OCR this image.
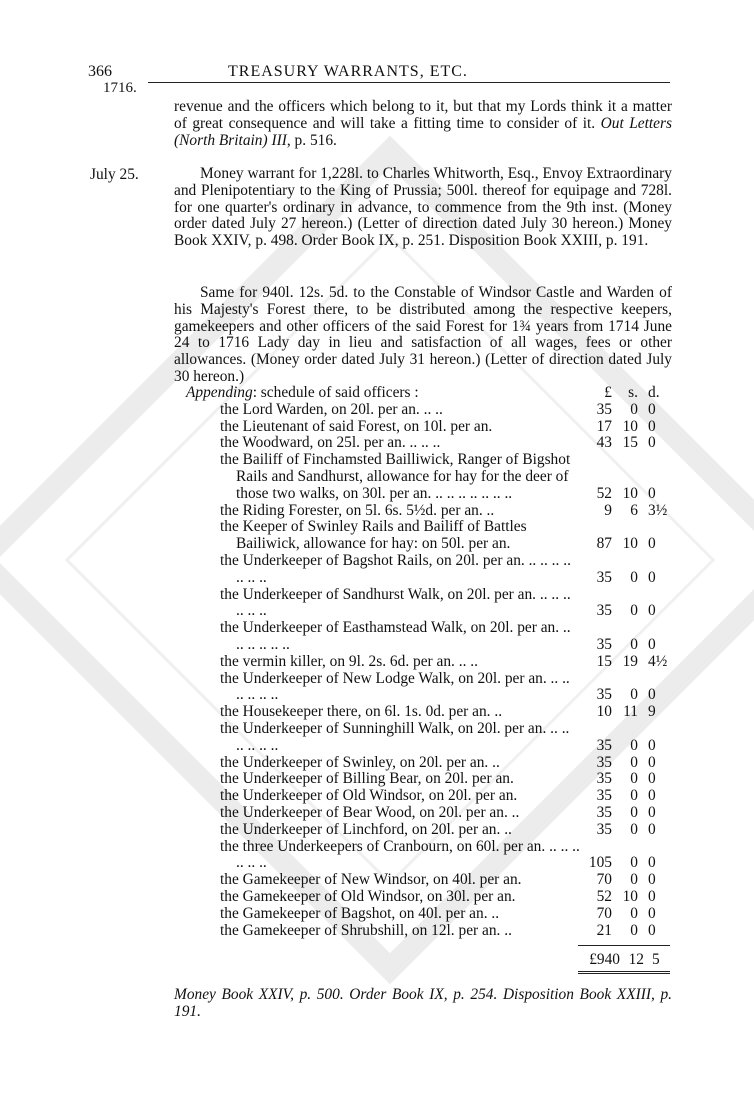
366	TREASURY WARRANTS, ETC.
1716.
revenue and the officers which belong to it, but that my Lords think it a matter of great consequence and will take a fitting time to consider of it. Out Letters (North Britain) III, p. 516.
July 25.	Money warrant for 1,228l. to Charles Whitworth, Esq., Envoy Extraordinary and Plenipotentiary to the King of Prussia; 500l. thereof for equipage and 728l. for one quarter's ordinary in advance, to commence from the 9th inst. (Money order dated July 27 hereon.) (Letter of direction dated July 30 hereon.) Money Book XXIV, p. 498. Order Book IX, p. 251. Disposition Book XXIII, p. 191.
Same for 940l. 12s. 5d. to the Constable of Windsor Castle and Warden of his Majesty's Forest there, to be distributed among the respective keepers, gamekeepers and other officers of the said Forest for 1¾ years from 1714 June 24 to 1716 Lady day in lieu and satisfaction of all wages, fees or other allowances. (Money order dated July 31 hereon.) (Letter of direction dated July 30 hereon.)
Appending: schedule of said officers :	£	s. d.
the Lord Warden, on 20l. per an. .. ..	35	0 0
the Lieutenant of said Forest, on 10l. per an.	17 10 0
the Woodward, on 25l. per an. .. .. ..	43 15 0
the Bailiff of Finchamsted Bailliwick, Ranger of Bigshot Rails and Sandhurst, allowance for hay for the deer of those two walks, on 30l. per an. .. .. .. .. .. .. ..	52 10 0
the Riding Forester, on 5l. 6s. 5½d. per an. ..	9	6 3½
the Keeper of Swinley Rails and Bailiff of Battles Bailiwick, allowance for hay: on 50l. per an.	87 10 0
the Underkeeper of Bagshot Rails, on 20l. per an. .. .. .. .. .. .. ..	35	0 0
the Underkeeper of Sandhurst Walk, on 20l. per an. .. .. .. .. .. ..	35	0 0
the Underkeeper of Easthamstead Walk, on 20l. per an. .. .. .. .. .. ..	35	0 0
the vermin killer, on 9l. 2s. 6d. per an. .. ..	15 19 4½
the Underkeeper of New Lodge Walk, on 20l. per an. .. .. .. .. .. ..	35	0 0
the Housekeeper there, on 6l. 1s. 0d. per an. ..	10 11 9
the Underkeeper of Sunninghill Walk, on 20l. per an. .. .. .. .. .. ..	35	0 0
the Underkeeper of Swinley, on 20l. per an. ..	35	0 0
the Underkeeper of Billing Bear, on 20l. per an.	35	0 0
the Underkeeper of Old Windsor, on 20l. per an.	35	0 0
the Underkeeper of Bear Wood, on 20l. per an. ..	35	0 0
the Underkeeper of Linchford, on 20l. per an. ..	35	0 0
the three Underkeepers of Cranbourn, on 60l. per an. .. .. .. .. .. ..	105	0 0
the Gamekeeper of New Windsor, on 40l. per an.	70	0 0
the Gamekeeper of Old Windsor, on 30l. per an.	52 10 0
the Gamekeeper of Bagshot, on 40l. per an. ..	70	0 0
the Gamekeeper of Shrubshill, on 12l. per an. ..	21	0 0
£940 12 5
Money Book XXIV, p. 500. Order Book IX, p. 254. Disposition Book XXIII, p. 191.
